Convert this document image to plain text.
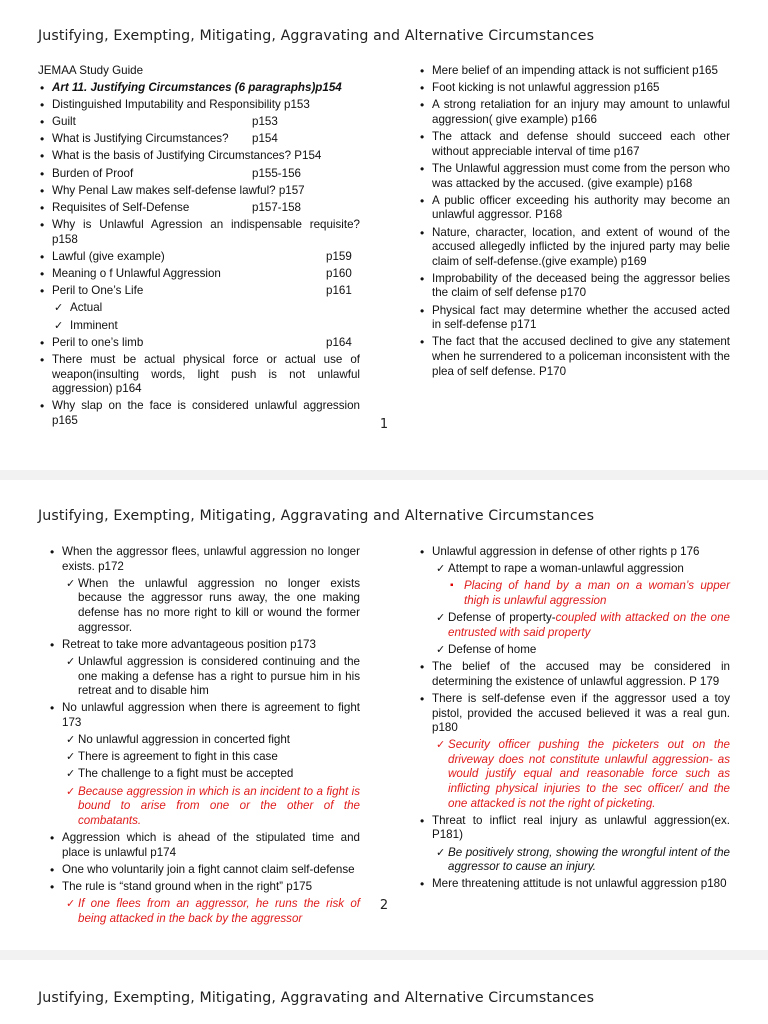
Justifying, Exempting, Mitigating, Aggravating and Alternative Circumstances
JEMAA Study Guide
• Art 11. Justifying Circumstances (6 paragraphs)p154
• Distinguished Imputability and Responsibility p153
• Guilt	p153
• What is Justifying Circumstances?	p154
• What is the basis of Justifying Circumstances? P154
• Burden of Proof	p155-156
• Why Penal Law makes self-defense lawful? p157
• Requisites of Self-Defense	p157-158
• Why is Unlawful Agression an indispensable requisite? p158
• Lawful (give example)	p159
• Meaning o f Unlawful Aggression	p160
• Peril to One’s Life	p161
✓ Actual
✓ Imminent
• Peril to one’s limb	p164
• There must be actual physical force or actual use of weapon(insulting words, light push is not unlawful aggression) p164
• Why slap on the face is considered unlawful aggression p165
• Mere belief of an impending attack is not sufficient p165
• Foot kicking is not unlawful aggression p165
• A strong retaliation for an injury may amount to unlawful aggression( give example) p166
• The attack and defense should succeed each other without appreciable interval of time p167
• The Unlawful aggression must come from the person who was attacked by the accused. (give example) p168
• A public officer exceeding his authority may become an unlawful aggressor. P168
• Nature, character, location, and extent of wound of the accused allegedly inflicted by the injured party may belie claim of self-defense.(give example) p169
• Improbability of the deceased being the aggressor belies the claim of self defense p170
• Physical fact may determine whether the accused acted in self-defense p171
• The fact that the accused declined to give any statement when he surrendered to a policeman inconsistent with the plea of self defense. P170
1
Justifying, Exempting, Mitigating, Aggravating and Alternative Circumstances
• When the aggressor flees, unlawful aggression no longer exists. p172
✓ When the unlawful aggression no longer exists because the aggressor runs away, the one making defense has no more right to kill or wound the former aggressor.
• Retreat to take more advantageous position p173
✓ Unlawful aggression is considered continuing and the one making a defense has a right to pursue him in his retreat and to disable him
• No unlawful aggression when there is agreement to fight 173
✓ No unlawful aggression in concerted fight
✓ There is agreement to fight in this case
✓ The challenge to a fight must be accepted
✓ Because aggression in which is an incident to a fight is bound to arise from one or the other of the combatants.
• Aggression which is ahead of the stipulated time and place is unlawful p174
• One who voluntarily join a fight cannot claim self-defense
• The rule is “stand ground when in the right” p175
✓ If one flees from an aggressor, he runs the risk of being attacked in the back by the aggressor
• Unlawful aggression in defense of other rights p 176
✓ Attempt to rape a woman-unlawful aggression
▪ Placing of hand by a man on a woman’s upper thigh is unlawful aggression
✓ Defense of property-coupled with attacked on the one entrusted with said property
✓ Defense of home
• The belief of the accused may be considered in determining the existence of unlawful aggression. P 179
• There is self-defense even if the aggressor used a toy pistol, provided the accused believed it was a real gun. p180
✓ Security officer pushing the picketers out on the driveway does not constitute unlawful aggression- as would justify equal and reasonable force such as inflicting physical injuries to the sec officer/ and the one attacked is not the right of picketing.
• Threat to inflict real injury as unlawful aggression(ex. P181)
✓ Be positively strong, showing the wrongful intent of the aggressor to cause an injury.
• Mere threatening attitude is not unlawful aggression p180
2
Justifying, Exempting, Mitigating, Aggravating and Alternative Circumstances
